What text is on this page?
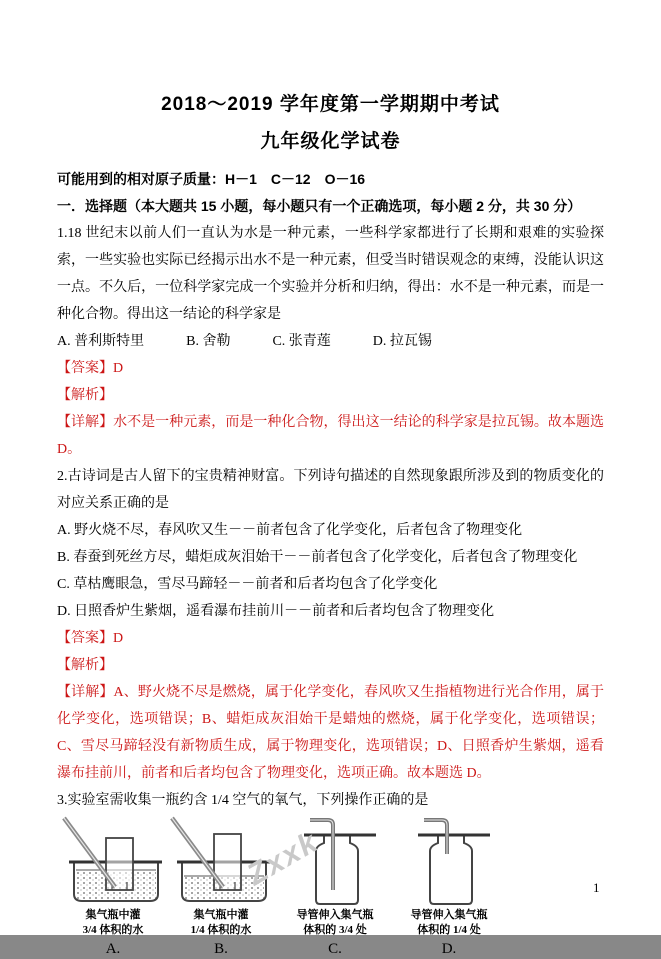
2018～2019 学年度第一学期期中考试
九年级化学试卷
可能用到的相对原子质量：H－1　C－12　O－16
一．选择题（本大题共 15 小题，每小题只有一个正确选项，每小题 2 分，共 30 分）
1.18 世纪末以前人们一直认为水是一种元素，一些科学家都进行了长期和艰难的实验探索，一些实验也实际已经揭示出水不是一种元素，但受当时错误观念的束缚，没能认识这一点。不久后，一位科学家完成一个实验并分析和归纳，得出：水不是一种元素，而是一种化合物。得出这一结论的科学家是
A. 普利斯特里　　　B. 舍勒　　　C. 张青莲　　　D. 拉瓦锡
【答案】D
【解析】
【详解】水不是一种元素，而是一种化合物，得出这一结论的科学家是拉瓦锡。故本题选 D。
2.古诗词是古人留下的宝贵精神财富。下列诗句描述的自然现象跟所涉及到的物质变化的对应关系正确的是
A. 野火烧不尽，春风吹又生－－前者包含了化学变化，后者包含了物理变化
B. 春蚕到死丝方尽，蜡炬成灰泪始干－－前者包含了化学变化，后者包含了物理变化
C. 草枯鹰眼急，雪尽马蹄轻－－前者和后者均包含了化学变化
D. 日照香炉生紫烟，遥看瀑布挂前川－－前者和后者均包含了物理变化
【答案】D
【解析】
【详解】A、野火烧不尽是燃烧，属于化学变化，春风吹又生指植物进行光合作用，属于化学变化，选项错误；B、蜡炬成灰泪始干是蜡烛的燃烧，属于化学变化，选项错误；C、雪尽马蹄轻没有新物质生成，属于物理变化，选项错误；D、日照香炉生紫烟，遥看瀑布挂前川，前者和后者均包含了物理变化，选项正确。故本题选 D。
3.实验室需收集一瓶约含 1/4 空气的氧气，下列操作正确的是
集气瓶中灌
3/4 体积的水
A.
集气瓶中灌
1/4 体积的水
B.
导管伸入集气瓶
体积的 3/4 处
C.
导管伸入集气瓶
体积的 1/4 处
D.
Zxxk	1
